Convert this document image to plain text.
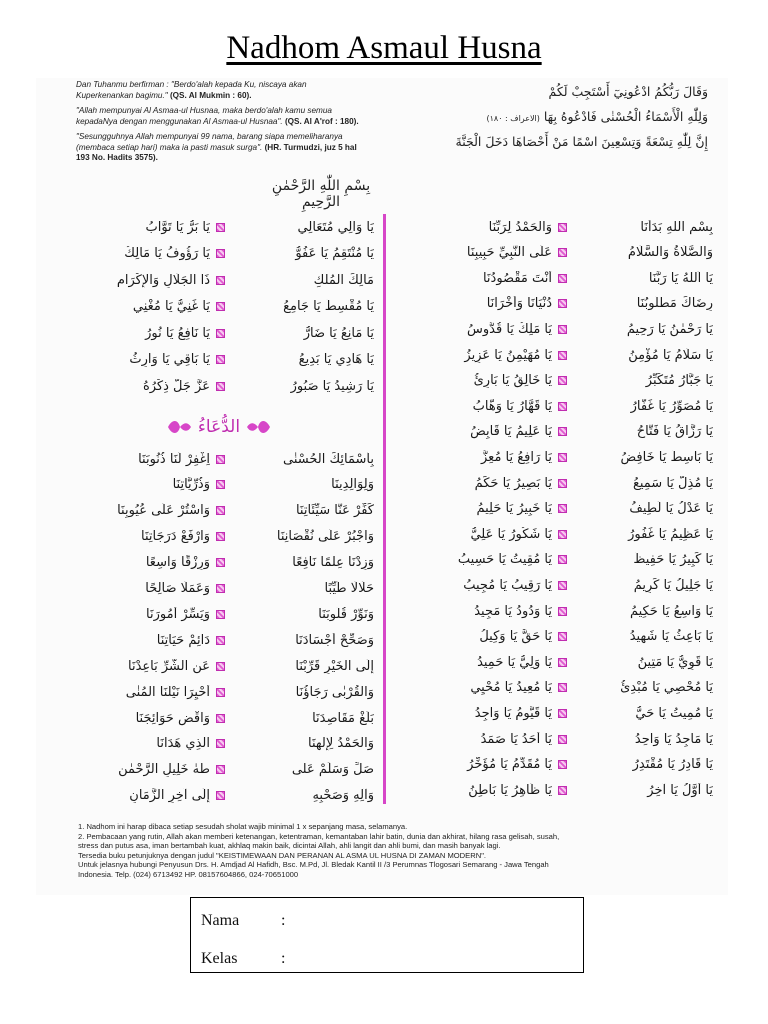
Nadhom Asmaul Husna

Dan Tuhanmu berfirman : "Berdo'alah kepada Ku, niscaya akan Kuperkenankan bagimu." (QS. Al Mukmin : 60).

"Allah mempunyai Al Asmaa-ul Husnaa, maka berdo'alah kamu semua kepadaNya dengan menggunakan Al Asmaa-ul Husnaa". (QS. Al A'rof : 180).

"Sesungguhnya Allah mempunyai 99 nama, barang siapa memeliharanya (membaca setiap hari) maka ia pasti masuk surga". (HR. Turmudzi, juz 5 hal 193 No. Hadits 3575).

وَقَالَ رَبُّكُمُ ادْعُونِيٓ أَسْتَجِبْ لَكُمْ
وَلِلّٰهِ الْأَسْمَاءُ الْحُسْنٰى فَادْعُوهُ بِهَا (الاعراف : ١٨٠)
إِنَّ لِلّٰهِ تِسْعَةً وَتِسْعِينَ اسْمًا مَنْ أَحْصَاهَا دَخَلَ الْجَنَّةَ
بِسْمِ اللّٰهِ الرَّحْمٰنِ الرَّحِيمِ
بِسْمِ اللّٰهِ بَدَأْنَا
وَالْحَمْدُ لِرَبِّنَا
وَالصَّلَاةُ وَالسَّلَامُ
عَلَى النَّبِيِّ حَبِيبِنَا
يَا اَللّٰهُ يَا رَبَّنَا
أَنْتَ مَقْصُودُنَا
رِضَاكَ مَطْلُوبُنَا
دُنْيَانَا وَأُخْرَانَا
يَا رَحْمٰنُ يَا رَحِيمُ
يَا مَلِكُ يَا قُدُّوسُ
يَا سَلَامُ يَا مُؤْمِنُ
يَا مُهَيْمِنُ يَا عَزِيزُ
يَا جَبَّارُ مُتَكَبِّرُ
يَا خَالِقُ يَا بَارِئُ
يَا مُصَوِّرُ يَا غَفَّارُ
يَا قَهَّارُ يَا وَهَّابُ
يَا رَزَّاقُ يَا فَتَّاحُ
يَا عَلِيمُ يَا قَابِضُ
يَا بَاسِطُ يَا خَافِضُ
يَا رَافِعُ يَا مُعِزُّ
يَا مُذِلُّ يَا سَمِيعُ
يَا بَصِيرُ يَا حَكَمُ
يَا عَدْلُ يَا لَطِيفُ
يَا خَبِيرُ يَا حَلِيمُ
يَا عَظِيمُ يَا غَفُورُ
يَا شَكُورُ يَا عَلِيُّ
يَا كَبِيرُ يَا حَفِيظُ
يَا مُقِيتُ يَا حَسِيبُ
يَا جَلِيلُ يَا كَرِيمُ
يَا رَقِيبُ يَا مُجِيبُ
يَا وَاسِعُ يَا حَكِيمُ
يَا وَدُودُ يَا مَجِيدُ
يَا بَاعِثُ يَا شَهِيدُ
يَا حَقُّ يَا وَكِيلُ
يَا قَوِيُّ يَا مَتِينُ
يَا وَلِيُّ يَا حَمِيدُ
يَا مُحْصِي يَا مُبْدِئُ
يَا مُعِيدُ يَا مُحْيِي
يَا مُمِيتُ يَا حَيُّ
يَا قَيُّومُ يَا وَاجِدُ
يَا مَاجِدُ يَا وَاحِدُ
يَا أَحَدُ يَا صَمَدُ
يَا قَادِرُ يَا مُقْتَدِرُ
يَا مُقَدِّمُ يَا مُؤَخِّرُ
يَا أَوَّلُ يَا آخِرُ
يَا ظَاهِرُ يَا بَاطِنُ
يَا وَالِي مُتَعَالِي
يَا بَرُّ يَا تَوَّابُ
يَا مُنْتَقِمُ يَا عَفُوُّ
يَا رَؤُوفُ يَا مَالِكُ
مَالِكَ الْمُلْكِ
ذَا الْجَلَالِ وَالْإِكْرَامِ
يَا مُقْسِطُ يَا جَامِعُ
يَا غَنِيُّ يَا مُغْنِي
يَا مَانِعُ يَا ضَارُّ
يَا نَافِعُ يَا نُورُ
يَا هَادِي يَا بَدِيعُ
يَا بَاقِي يَا وَارِثُ
يَا رَشِيدُ يَا صَبُورُ
عَزَّ جَلَّ ذِكْرُهُ
الدُّعَاءُ
بِأَسْمَائِكَ الْحُسْنٰى
اِغْفِرْ لَنَا ذُنُوبَنَا
وَلِوَالِدِينَا
وَذُرِّيَّاتِنَا
كَفِّرْ عَنَّا سَيِّئَاتِنَا
وَاسْتُرْ عَلَى عُيُوبِنَا
وَاجْبُرْ عَلَى نُقْصَانِنَا
وَارْفَعْ دَرَجَاتِنَا
وَزِدْنَا عِلْمًا نَافِعًا
وَرِزْقًا وَاسِعًا
حَلَالًا طَيِّبًا
وَعَمَلًا صَالِحًا
وَنَوِّرْ قُلُوبَنَا
وَيَسِّرْ أُمُورَنَا
وَصَحِّحْ أَجْسَادَنَا
دَائِمْ حَيَاتِنَا
إِلَى الْخَيْرِ قَرِّبْنَا
عَنِ الشَّرِّ بَاعِدْنَا
وَالْقُرْبٰى رَجَاؤُنَا
أَحْيِرَا نَيْلُنَا الْمُنٰى
بَلِّغْ مَقَاصِدَنَا
وَاقْضِ حَوَائِجَنَا
وَالْحَمْدُ لِإِلٰهِنَا
الَّذِي هَدَانَا
صَلِّ وَسَلِّمْ عَلٰى
طٰهٰ خَلِيلِ الرَّحْمٰنِ
وَآلِهِ وَصَحْبِهِ
إِلَى آخِرِ الزَّمَانِ
1. Nadhom ini harap dibaca setiap sesudah sholat wajib minimal 1 x sepanjang masa, selamanya.
2. Pembacaan yang rutin, Allah akan memberi ketenangan, ketentraman, kemantaban lahir batin, dunia dan akhirat, hilang rasa gelisah, susah,
stress dan putus asa, iman bertambah kuat, akhlaq makin baik, dicintai Allah, ahli langit dan ahli bumi, dan masih banyak lagi.
Tersedia buku petunjuknya dengan judul "KEISTIMEWAAN DAN PERANAN AL ASMA UL HUSNA DI ZAMAN MODERN".
Untuk jelasnya hubungi Penyusun Drs. H. Amdjad Al Hafidh, Bsc. M.Pd, Jl. Bledak Kantil II /3 Perumnas Tlogosari Semarang - Jawa Tengah
Indonesia. Telp. (024) 6713492 HP. 08157604866, 024-70651000
Nama	:
Kelas	:
